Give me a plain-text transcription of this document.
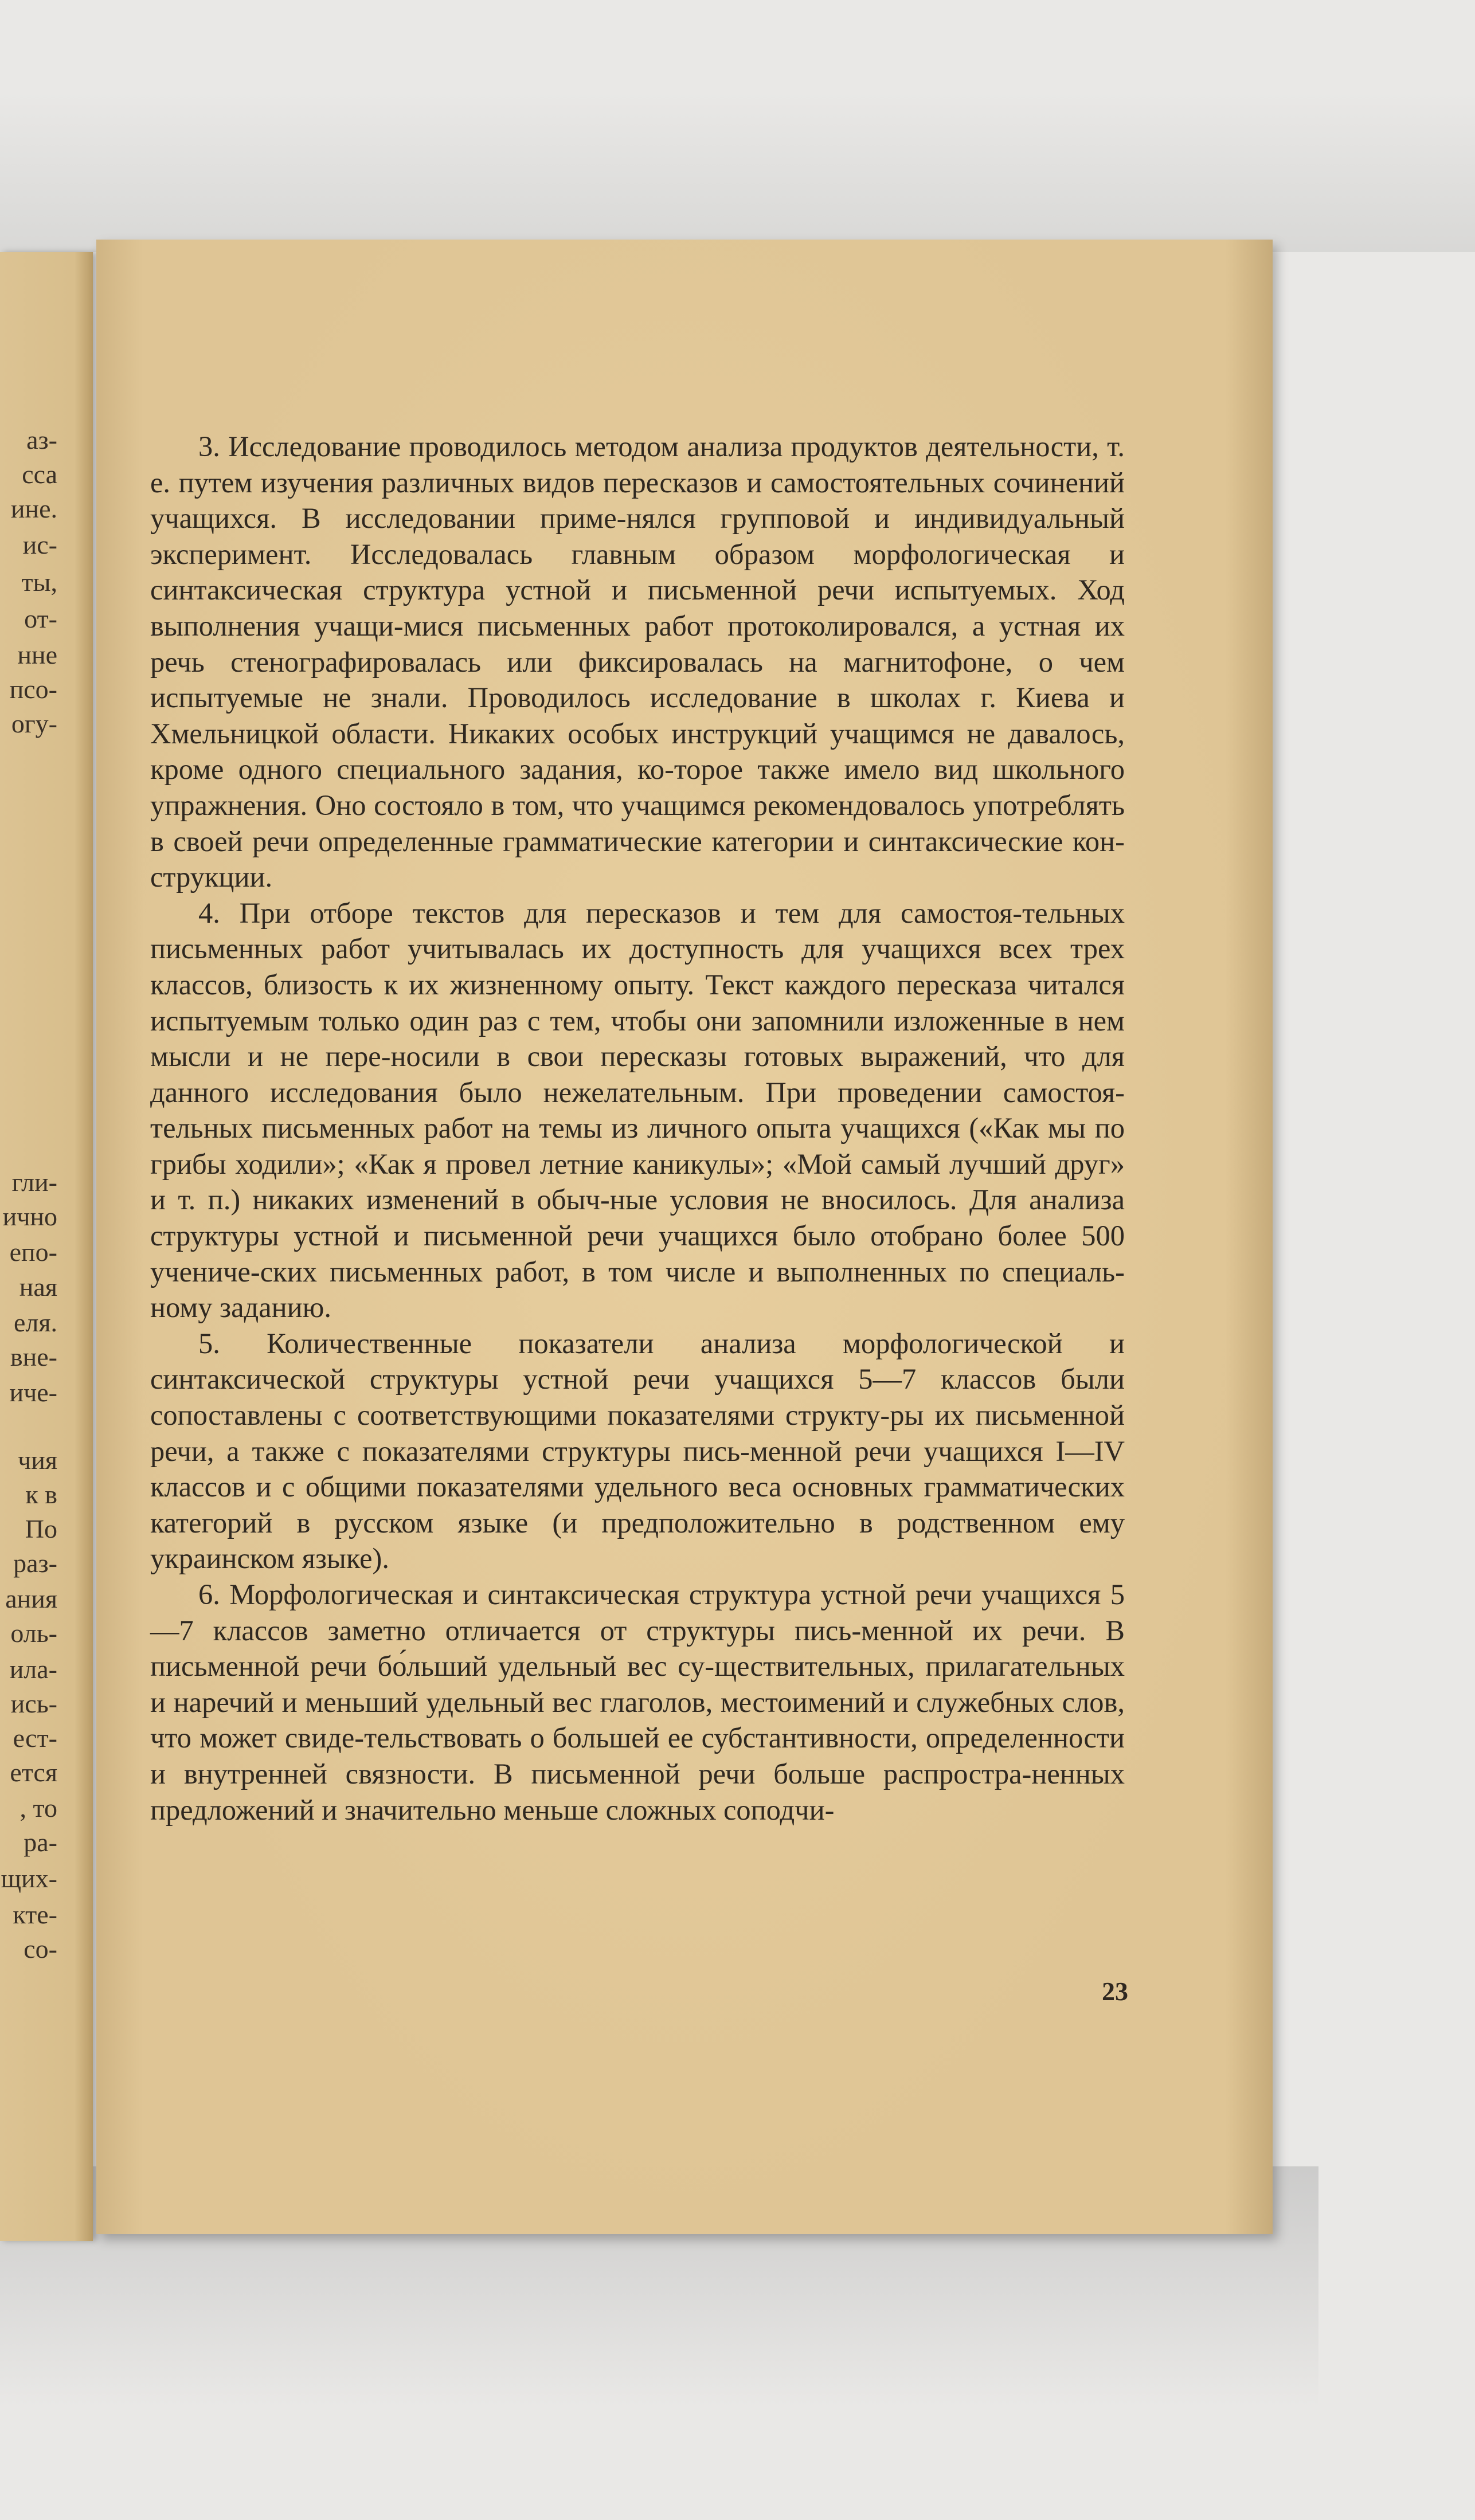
аз-
сса
ине.
ис-
ты,
от-
нне
псо-
огу-
гли-
ично
епо-
ная
еля.
внe-
иче-
чия
к в
По
раз-
ания
оль-
ила-
ись-
ест-
ется
, то
ра-
щих-
кте-
со-

3. Исследование проводилось методом анализа продуктов деятельности, т. е. путем изучения различных видов пересказов и самостоятельных сочинений учащихся. В исследовании приме-нялся групповой и индивидуальный эксперимент. Исследовалась главным образом морфологическая и синтаксическая структура устной и письменной речи испытуемых. Ход выполнения учащи-мися письменных работ протоколировался, а устная их речь стенографировалась или фиксировалась на магнитофоне, о чем испытуемые не знали. Проводилось исследование в школах г. Киева и Хмельницкой области. Никаких особых инструкций учащимся не давалось, кроме одного специального задания, ко-торое также имело вид школьного упражнения. Оно состояло в том, что учащимся рекомендовалось употреблять в своей речи определенные грамматические категории и синтаксические кон-струкции.

4. При отборе текстов для пересказов и тем для самостоя-тельных письменных работ учитывалась их доступность для учащихся всех трех классов, близость к их жизненному опыту. Текст каждого пересказа читался испытуемым только один раз с тем, чтобы они запомнили изложенные в нем мысли и не пере-носили в свои пересказы готовых выражений, что для данного исследования было нежелательным. При проведении самостоя-тельных письменных работ на темы из личного опыта учащихся («Как мы по грибы ходили»; «Как я провел летние каникулы»; «Мой самый лучший друг» и т. п.) никаких изменений в обыч-ные условия не вносилось. Для анализа структуры устной и письменной речи учащихся было отобрано более 500 учениче-ских письменных работ, в том числе и выполненных по специаль-ному заданию.

5. Количественные показатели анализа морфологической и синтаксической структуры устной речи учащихся 5—7 классов были сопоставлены с соответствующими показателями структу-ры их письменной речи, а также с показателями структуры пись-менной речи учащихся I—IV классов и с общими показателями удельного веса основных грамматических категорий в русском языке (и предположительно в родственном ему украинском языке).

6. Морфологическая и синтаксическая структура устной речи учащихся 5—7 классов заметно отличается от структуры пись-менной их речи. В письменной речи бо́льший удельный вес су-ществительных, прилагательных и наречий и меньший удельный вес глаголов, местоимений и служебных слов, что может свиде-тельствовать о большей ее субстантивности, определенности и внутренней связности. В письменной речи больше распростра-ненных предложений и значительно меньше сложных соподчи-

23
